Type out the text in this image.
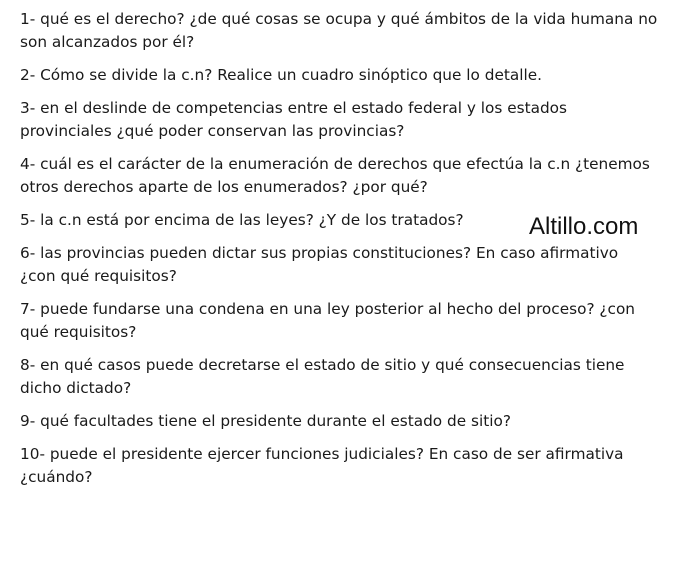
1- qué es el derecho? ¿de qué cosas se ocupa y qué ámbitos de la vida humana no
son alcanzados por él?

2- Cómo se divide la c.n? Realice un cuadro sinóptico que lo detalle.

3- en el deslinde de competencias entre el estado federal y los estados
provinciales ¿qué poder conservan las provincias?

4- cuál es el carácter de la enumeración de derechos que efectúa la c.n ¿tenemos
otros derechos aparte de los enumerados? ¿por qué?

5- la c.n está por encima de las leyes? ¿Y de los tratados?

6- las provincias pueden dictar sus propias constituciones? En caso afirmativo
¿con qué requisitos?

7- puede fundarse una condena en una ley posterior al hecho del proceso? ¿con
qué requisitos?

8- en qué casos puede decretarse el estado de sitio y qué consecuencias tiene
dicho dictado?

9- qué facultades tiene el presidente durante el estado de sitio?

10- puede el presidente ejercer funciones judiciales? En caso de ser afirmativa
¿cuándo?

Altillo.com
